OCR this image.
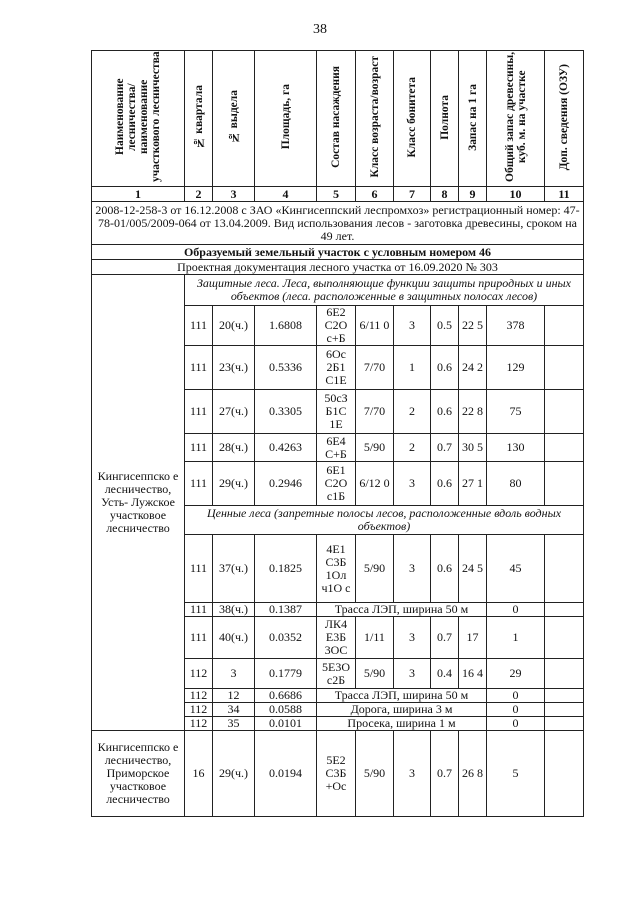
38
Наименование лесничества/ наименование участкового лесничества	№ квартала	№ выдела	Площадь, га	Состав насаждения	Класс возраста/возраст	Класс бонитета	Полнота	Запас на 1 га	Общий запас древесины, куб. м. на участке	Доп. сведения (ОЗУ)
1	2	3	4	5	6	7	8	9	10	11
2008-12-258-3 от 16.12.2008 с ЗАО «Кингисеппский леспромхоз» регистрационный номер: 47-78-01/005/2009-064 от 13.04.2009. Вид использования лесов - заготовка древесины, сроком на 49 лет.										
Образуемый земельный участок с условным номером 46										
Проектная документация лесного участка от 16.09.2020 № 303										
Кингисеппско е лесничество, Усть- Лужское участковое лесничество	Защитные леса. Леса, выполняющие функции защиты природных и иных объектов (леса. расположенные в защитных полосах лесов)									
	111	20(ч.)	1.6808	6Е2 С2О с+Б	6/11 0	3	0.5	22 5	378	
	111	23(ч.)	0.5336	6Ос 2Б1 С1Е	7/70	1	0.6	24 2	129	
	111	27(ч.)	0.3305	50сЗ Б1С 1Е	7/70	2	0.6	22 8	75	
	111	28(ч.)	0.4263	6Е4 С+Б	5/90	2	0.7	30 5	130	
	111	29(ч.)	0.2946	6Е1 С2О с1Б	6/12 0	3	0.6	27 1	80	
	Ценные леса (запретные полосы лесов, расположенные вдоль водных объектов)									
	111	37(ч.)	0.1825	4Е1 С3Б 1Ол ч1О с	5/90	3	0.6	24 5	45	
	111	38(ч.)	0.1387	Трасса ЛЭП, ширина 50 м					0	
	111	40(ч.)	0.0352	ЛК4 Е3Б 3ОС	1/11	3	0.7	17	1	
	112	3	0.1779	5Е3О с2Б	5/90	3	0.4	16 4	29	
	112	12	0.6686	Трасса ЛЭП, ширина 50 м					0	
	112	34	0.0588	Дорога, ширина 3 м					0	
	112	35	0.0101	Просека, ширина 1 м					0	
Кингисеппско е лесничество, Приморское участковое лесничество	16	29(ч.)	0.0194	5Е2 С3Б +Ос	5/90	3	0.7	26 8	5	
